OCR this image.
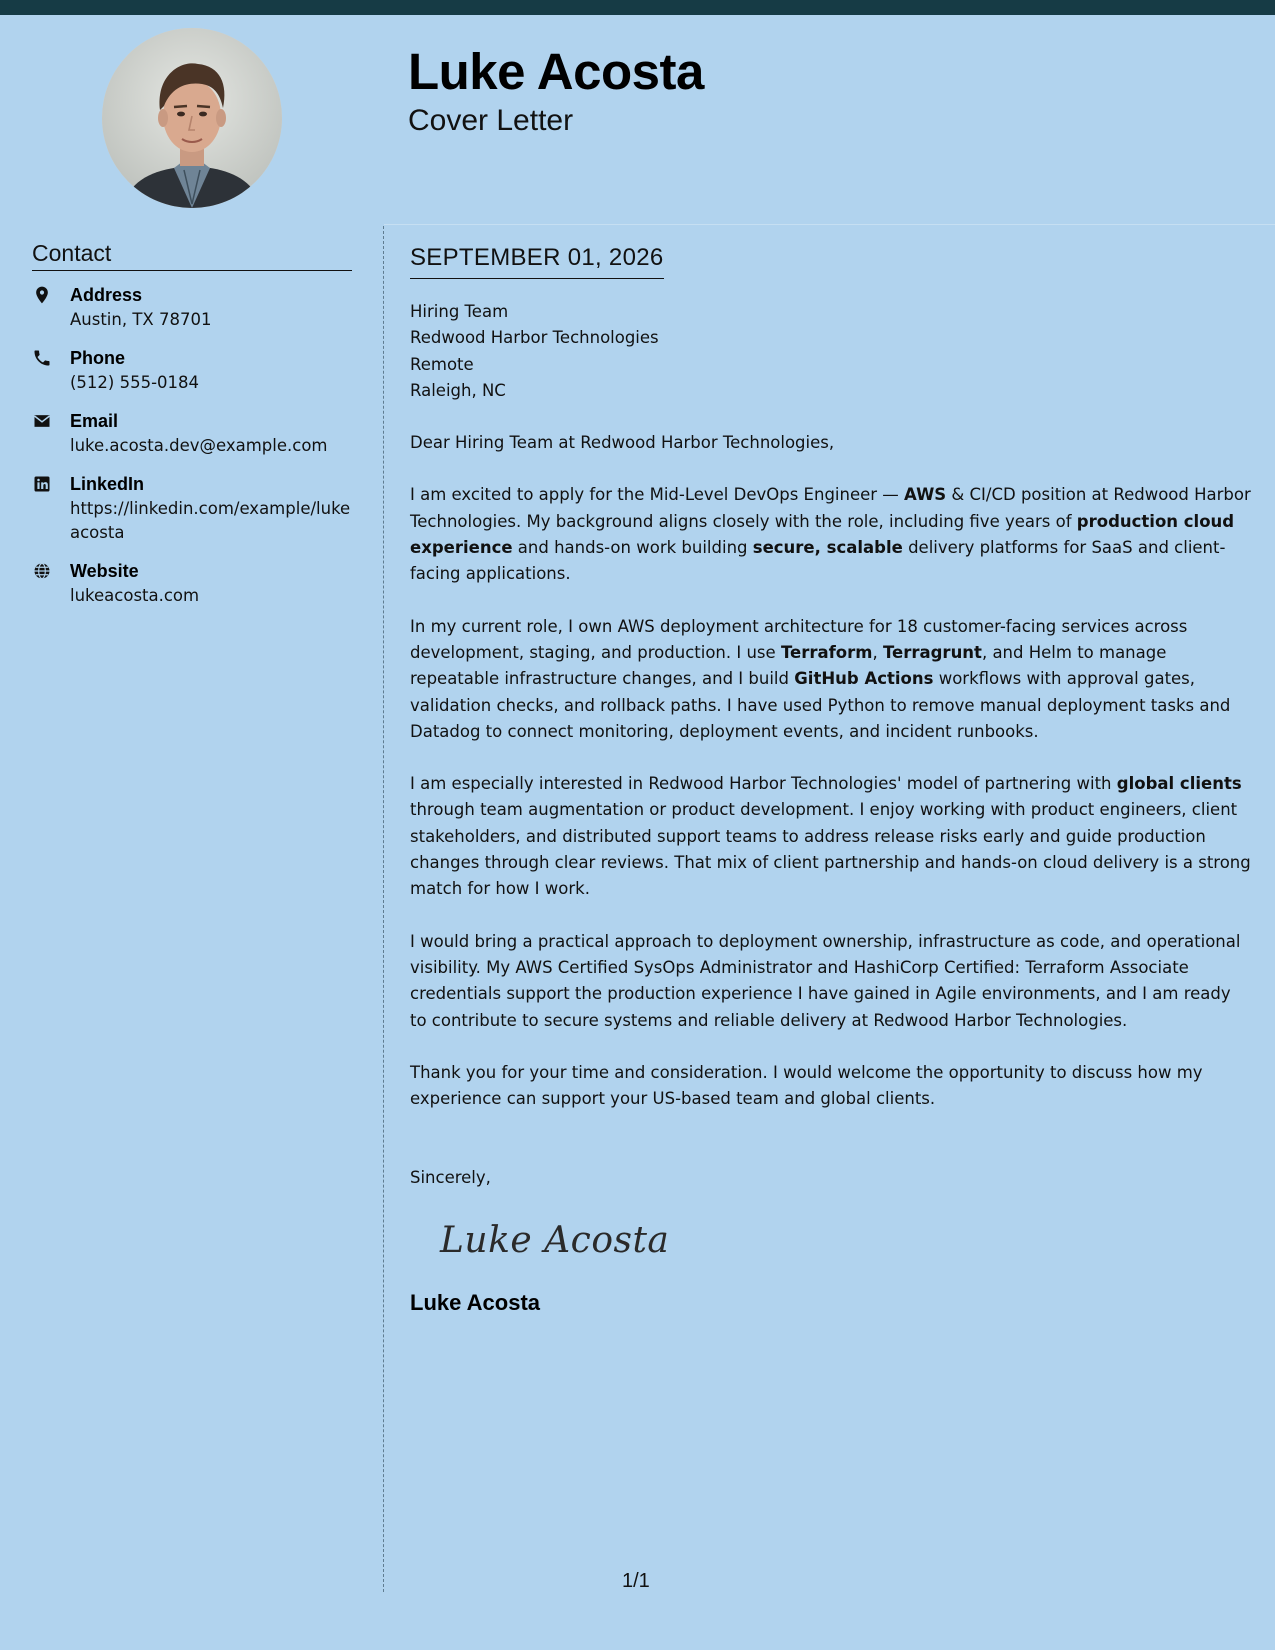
Luke Acosta
Cover Letter
Contact
Address
Austin, TX 78701
Phone
(512) 555-0184
Email
luke.acosta.dev@example.com
LinkedIn
https://linkedin.com/example/lukeacosta
Website
lukeacosta.com
SEPTEMBER 01, 2026
Hiring Team
Redwood Harbor Technologies
Remote
Raleigh, NC
Dear Hiring Team at Redwood Harbor Technologies,
I am excited to apply for the Mid-Level DevOps Engineer — AWS & CI/CD position at Redwood Harbor Technologies. My background aligns closely with the role, including five years of production cloud experience and hands-on work building secure, scalable delivery platforms for SaaS and client-facing applications.
In my current role, I own AWS deployment architecture for 18 customer-facing services across development, staging, and production. I use Terraform, Terragrunt, and Helm to manage repeatable infrastructure changes, and I build GitHub Actions workflows with approval gates, validation checks, and rollback paths. I have used Python to remove manual deployment tasks and Datadog to connect monitoring, deployment events, and incident runbooks.
I am especially interested in Redwood Harbor Technologies' model of partnering with global clients through team augmentation or product development. I enjoy working with product engineers, client stakeholders, and distributed support teams to address release risks early and guide production changes through clear reviews. That mix of client partnership and hands-on cloud delivery is a strong match for how I work.
I would bring a practical approach to deployment ownership, infrastructure as code, and operational visibility. My AWS Certified SysOps Administrator and HashiCorp Certified: Terraform Associate credentials support the production experience I have gained in Agile environments, and I am ready to contribute to secure systems and reliable delivery at Redwood Harbor Technologies.
Thank you for your time and consideration. I would welcome the opportunity to discuss how my experience can support your US-based team and global clients.
Sincerely,
Luke Acosta
Luke Acosta
1/1
